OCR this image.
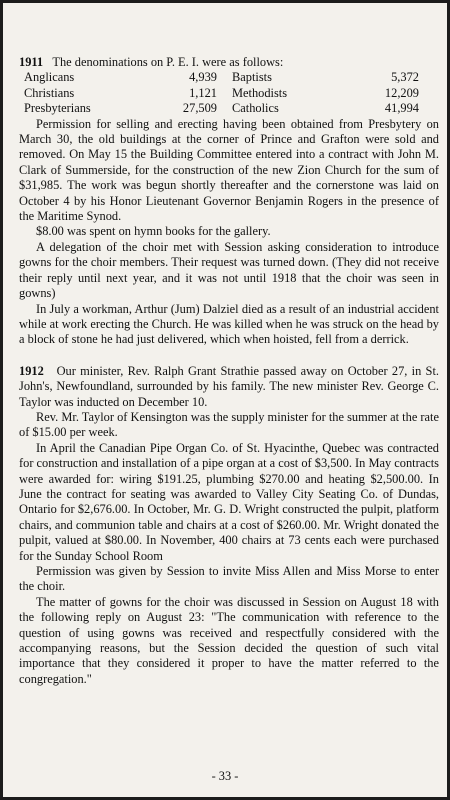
1911 The denominations on P. E. I. were as follows:

Anglicans	4,939	Baptists	5,372
Christians	1,121	Methodists	12,209
Presbyterians	27,509	Catholics	41,994

Permission for selling and erecting having been obtained from Presbytery on March 30, the old buildings at the corner of Prince and Grafton were sold and removed. On May 15 the Building Committee entered into a contract with John M. Clark of Summerside, for the construction of the new Zion Church for the sum of $31,985. The work was begun shortly thereafter and the cornerstone was laid on October 4 by his Honor Lieutenant Governor Benjamin Rogers in the presence of the Maritime Synod.

$8.00 was spent on hymn books for the gallery.

A delegation of the choir met with Session asking consideration to introduce gowns for the choir members. Their request was turned down. (They did not receive their reply until next year, and it was not until 1918 that the choir was seen in gowns)

In July a workman, Arthur (Jum) Dalziel died as a result of an industrial accident while at work erecting the Church. He was killed when he was struck on the head by a block of stone he had just delivered, which when hoisted, fell from a derrick.

1912 Our minister, Rev. Ralph Grant Strathie passed away on October 27, in St. John's, Newfoundland, surrounded by his family. The new minister Rev. George C. Taylor was inducted on December 10.

Rev. Mr. Taylor of Kensington was the supply minister for the summer at the rate of $15.00 per week.

In April the Canadian Pipe Organ Co. of St. Hyacinthe, Quebec was contracted for construction and installation of a pipe organ at a cost of $3,500. In May contracts were awarded for: wiring $191.25, plumbing $270.00 and heating $2,500.00. In June the contract for seating was awarded to Valley City Seating Co. of Dundas, Ontario for $2,676.00. In October, Mr. G. D. Wright constructed the pulpit, platform chairs, and communion table and chairs at a cost of $260.00. Mr. Wright donated the pulpit, valued at $80.00. In November, 400 chairs at 73 cents each were purchased for the Sunday School Room

Permission was given by Session to invite Miss Allen and Miss Morse to enter the choir.

The matter of gowns for the choir was discussed in Session on August 18 with the following reply on August 23: "The communication with reference to the question of using gowns was received and respectfully considered with the accompanying reasons, but the Session decided the question of such vital importance that they considered it proper to have the matter referred to the congregation."

- 33 -
